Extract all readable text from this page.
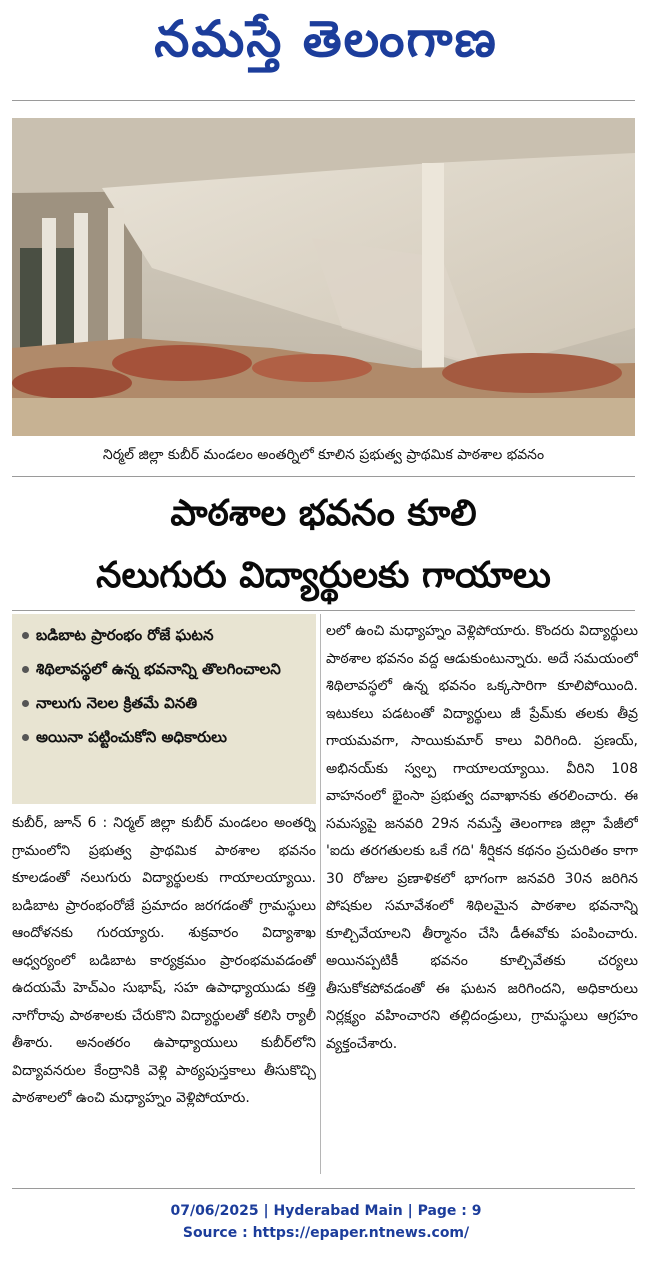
నమస్తే తెలంగాణ
నిర్మల్ జిల్లా కుబీర్ మండలం అంతర్నిలో కూలిన ప్రభుత్వ ప్రాథమిక పాఠశాల భవనం
పాఠశాల భవనం కూలి
నలుగురు విద్యార్థులకు గాయాలు
బడిబాట ప్రారంభం రోజే ఘటన
శిథిలావస్థలో ఉన్న భవనాన్ని తొలగించాలని
నాలుగు నెలల క్రితమే వినతి
అయినా పట్టించుకోని అధికారులు
కుబీర్, జూన్ 6 : నిర్మల్ జిల్లా కుబీర్ మండలం అంతర్ని గ్రామంలోని ప్రభుత్వ ప్రాథమిక పాఠశాల భవనం కూలడంతో నలుగురు విద్యార్థులకు గాయాలయ్యాయి. బడిబాట ప్రారంభంరోజే ప్రమాదం జరగడంతో గ్రామస్థులు ఆందోళనకు గురయ్యారు. శుక్రవారం విద్యాశాఖ ఆధ్వర్యంలో బడిబాట కార్యక్రమం ప్రారంభమవడంతో ఉదయమే హెచ్‌ఎం సుభాష్, సహ ఉపాధ్యాయుడు కత్తి నాగోరావు పాఠశాలకు చేరుకొని విద్యార్థులతో కలిసి ర్యాలీ తీశారు. అనంతరం ఉపాధ్యాయులు కుబీర్‌లోని విద్యావనరుల కేంద్రానికి వెళ్లి పాఠ్యపుస్తకాలు తీసుకొచ్చి పాఠశాలలో ఉంచి మధ్యాహ్నం వెళ్లిపోయారు.
లలో ఉంచి మధ్యాహ్నం వెళ్లిపోయారు. కొందరు విద్యార్థులు పాఠశాల భవనం వద్ద ఆడుకుంటున్నారు. అదే సమయంలో శిథిలావస్థలో ఉన్న భవనం ఒక్కసారిగా కూలిపోయింది. ఇటుకలు పడటంతో విద్యార్థులు జీ ప్రేమ్‌కు తలకు తీవ్ర గాయమవగా, సాయికుమార్ కాలు విరిగింది. ప్రణయ్, అభినయ్‌కు స్వల్ప గాయాలయ్యాయి. వీరిని 108 వాహనంలో భైంసా ప్రభుత్వ దవాఖానకు తరలించారు. ఈ సమస్యపై జనవరి 29న నమస్తే తెలంగాణ జిల్లా పేజీలో 'ఐదు తరగతులకు ఒకే గది' శీర్షికన కథనం ప్రచురితం కాగా 30 రోజుల ప్రణాళికలో భాగంగా జనవరి 30న జరిగిన పోషకుల సమావేశంలో శిథిలమైన పాఠశాల భవనాన్ని కూల్చివేయాలని తీర్మానం చేసి డీఈవోకు పంపించారు. అయినప్పటికీ భవనం కూల్చివేతకు చర్యలు తీసుకోకపోవడంతో ఈ ఘటన జరిగిందని, అధికారులు నిర్లక్ష్యం వహించారని తల్లిదండ్రులు, గ్రామస్థులు ఆగ్రహం వ్యక్తంచేశారు.
07/06/2025 | Hyderabad Main | Page : 9
Source : https://epaper.ntnews.com/
